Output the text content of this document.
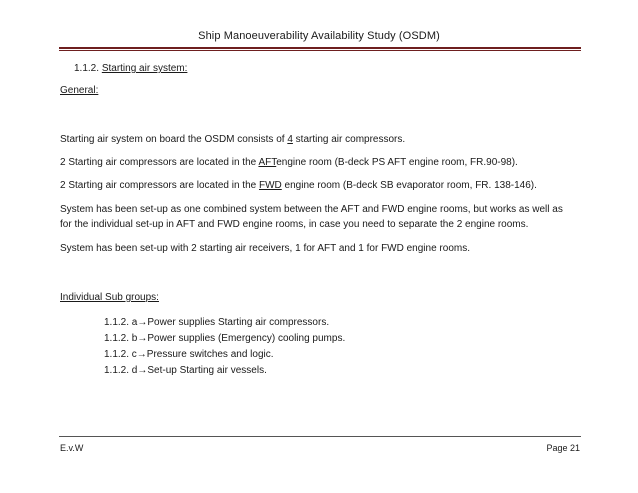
Ship Manoeuverability Availability Study (OSDM)
1.1.2. Starting air system:
General:
Starting air system on board the OSDM consists of 4 starting air compressors.
2 Starting air compressors are located in the AFTengine room (B-deck PS AFT engine room, FR.90-98).
2 Starting air compressors are located in the FWD engine room (B-deck SB evaporator room, FR. 138-146).
System has been set-up as one combined system between the AFT and FWD engine rooms, but works as well as
for the individual set-up in AFT and FWD engine rooms, in case you need to separate the 2 engine rooms.
System has been set-up with 2 starting air receivers, 1 for AFT and 1 for FWD engine rooms.
Individual Sub groups:
1.1.2. a→Power supplies Starting air compressors.
1.1.2. b→Power supplies (Emergency) cooling pumps.
1.1.2. c→Pressure switches and logic.
1.1.2. d→Set-up Starting air vessels.
E.v.W	Page 21
